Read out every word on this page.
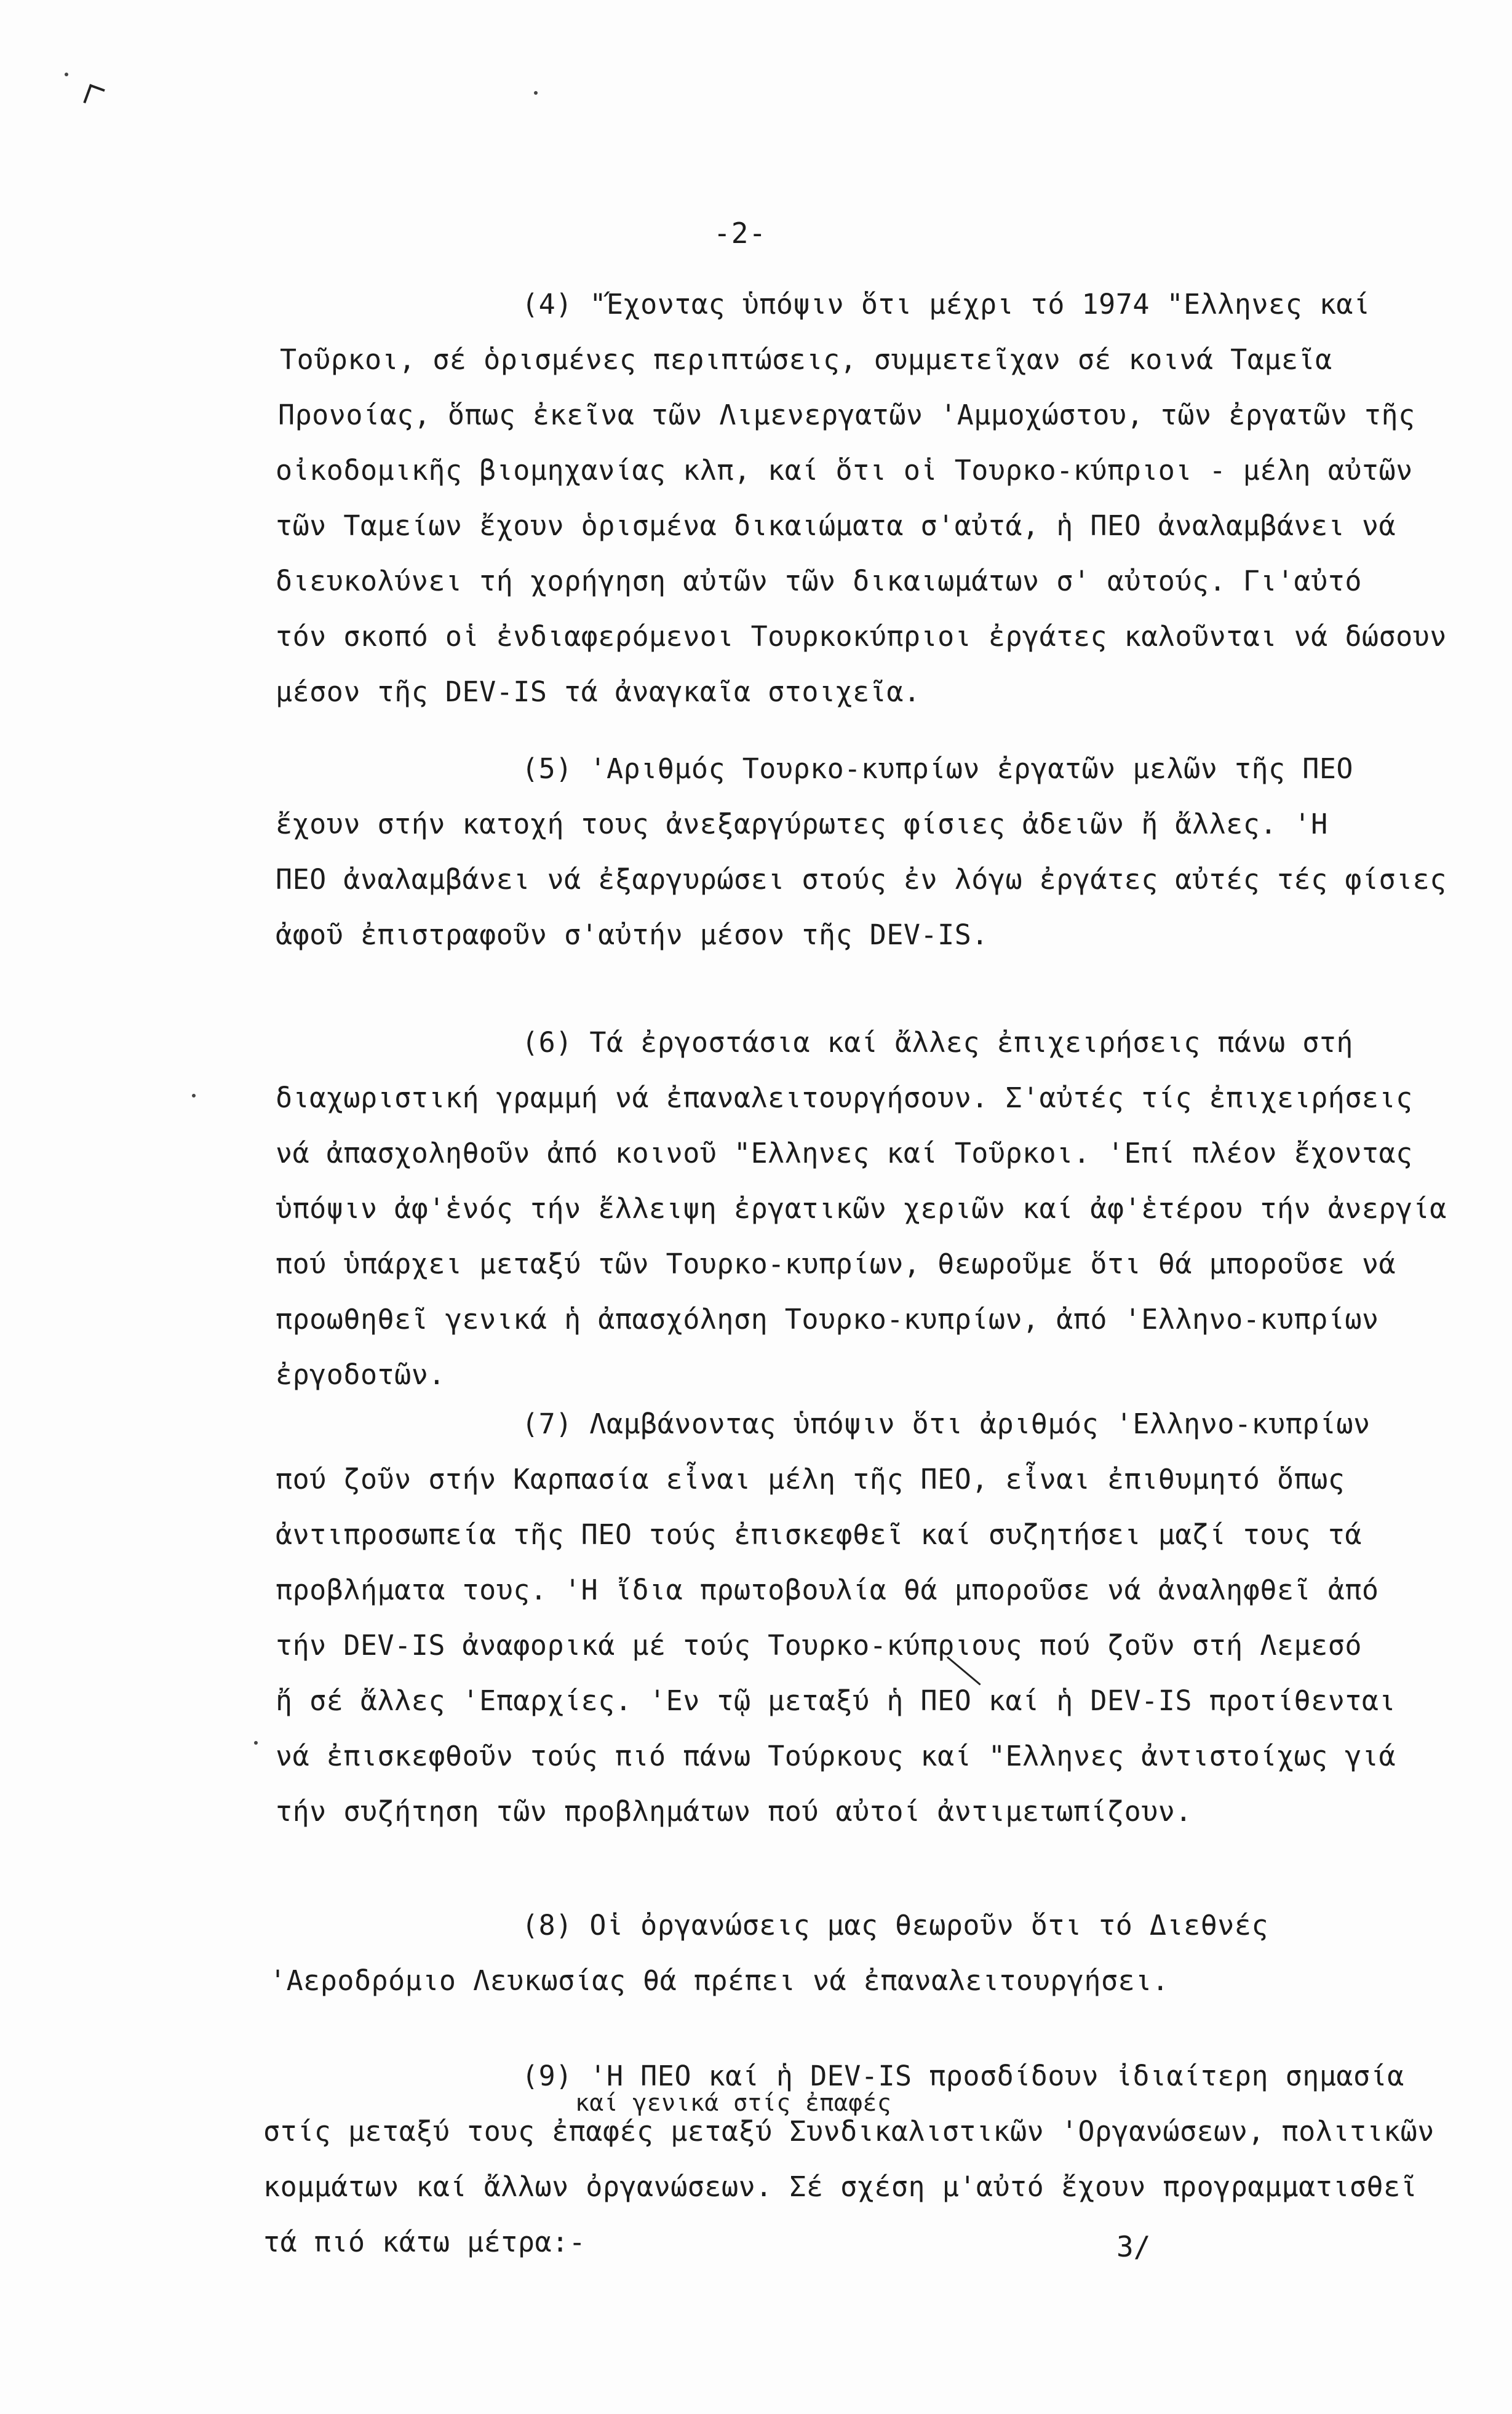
-2-
(4) "Έχοντας ὑπόψιν ὅτι μέχρι τό 1974 "Ελληνες καί
Τοῦρκοι, σέ ὁρισμένες περιπτώσεις, συμμετεῖχαν σέ κοινά Ταμεῖα
Προνοίας, ὅπως ἐκεῖνα τῶν Λιμενεργατῶν 'Αμμοχώστου, τῶν ἐργατῶν τῆς
οἰκοδομικῆς βιομηχανίας κλπ, καί ὅτι οἱ Τουρκο-κύπριοι - μέλη αὐτῶν
τῶν Ταμείων ἔχουν ὁρισμένα δικαιώματα σ'αὐτά, ἡ ΠΕΟ ἀναλαμβάνει νά
διευκολύνει τή χορήγηση αὐτῶν τῶν δικαιωμάτων σ' αὐτούς. Γι'αὐτό
τόν σκοπό οἱ ἐνδιαφερόμενοι Τουρκοκύπριοι ἐργάτες καλοῦνται νά δώσουν
μέσον τῆς DEV-IS τά ἀναγκαῖα στοιχεῖα.
(5) 'Αριθμός Τουρκο-κυπρίων ἐργατῶν μελῶν τῆς ΠΕΟ
ἔχουν στήν κατοχή τους ἀνεξαργύρωτες φίσιες ἀδειῶν ἤ ἄλλες. 'Η
ΠΕΟ ἀναλαμβάνει νά ἐξαργυρώσει στούς ἐν λόγω ἐργάτες αὐτές τές φίσιες
ἀφοῦ ἐπιστραφοῦν σ'αὐτήν μέσον τῆς DEV-IS.
(6) Τά ἐργοστάσια καί ἄλλες ἐπιχειρήσεις πάνω στή
διαχωριστική γραμμή νά ἐπαναλειτουργήσουν. Σ'αὐτές τίς ἐπιχειρήσεις
νά ἀπασχοληθοῦν ἀπό κοινοῦ "Ελληνες καί Τοῦρκοι. 'Επί πλέον ἔχοντας
ὑπόψιν ἀφ'ἑνός τήν ἔλλειψη ἐργατικῶν χεριῶν καί ἀφ'ἑτέρου τήν ἀνεργία
πού ὑπάρχει μεταξύ τῶν Τουρκο-κυπρίων, θεωροῦμε ὅτι θά μποροῦσε νά
προωθηθεῖ γενικά ἡ ἀπασχόληση Τουρκο-κυπρίων, ἀπό 'Ελληνο-κυπρίων
ἐργοδοτῶν.
(7) Λαμβάνοντας ὑπόψιν ὅτι ἀριθμός 'Ελληνο-κυπρίων
πού ζοῦν στήν Καρπασία εἶναι μέλη τῆς ΠΕΟ, εἶναι ἐπιθυμητό ὅπως
ἀντιπροσωπεία τῆς ΠΕΟ τούς ἐπισκεφθεῖ καί συζητήσει μαζί τους τά
προβλήματα τους. 'Η ἴδια πρωτοβουλία θά μποροῦσε νά ἀναληφθεῖ ἀπό
τήν DEV-IS ἀναφορικά μέ τούς Τουρκο-κύπριους πού ζοῦν στή Λεμεσό
ἤ σέ ἄλλες 'Επαρχίες. 'Εν τῷ μεταξύ ἡ ΠΕΟ καί ἡ DEV-IS προτίθενται
νά ἐπισκεφθοῦν τούς πιό πάνω Τούρκους καί "Ελληνες ἀντιστοίχως γιά
τήν συζήτηση τῶν προβλημάτων πού αὐτοί ἀντιμετωπίζουν.
(8) Οἱ ὀργανώσεις μας θεωροῦν ὅτι τό Διεθνές
'Αεροδρόμιο Λευκωσίας θά πρέπει νά ἐπαναλειτουργήσει.
(9) 'Η ΠΕΟ καί ἡ DEV-IS προσδίδουν ἰδιαίτερη σημασία
καί γενικά στίς ἐπαφές
στίς μεταξύ τους ἐπαφές μεταξύ Συνδικαλιστικῶν 'Οργανώσεων, πολιτικῶν
κομμάτων καί ἄλλων ὀργανώσεων. Σέ σχέση μ'αὐτό ἔχουν προγραμματισθεῖ
τά πιό κάτω μέτρα:-	3/
